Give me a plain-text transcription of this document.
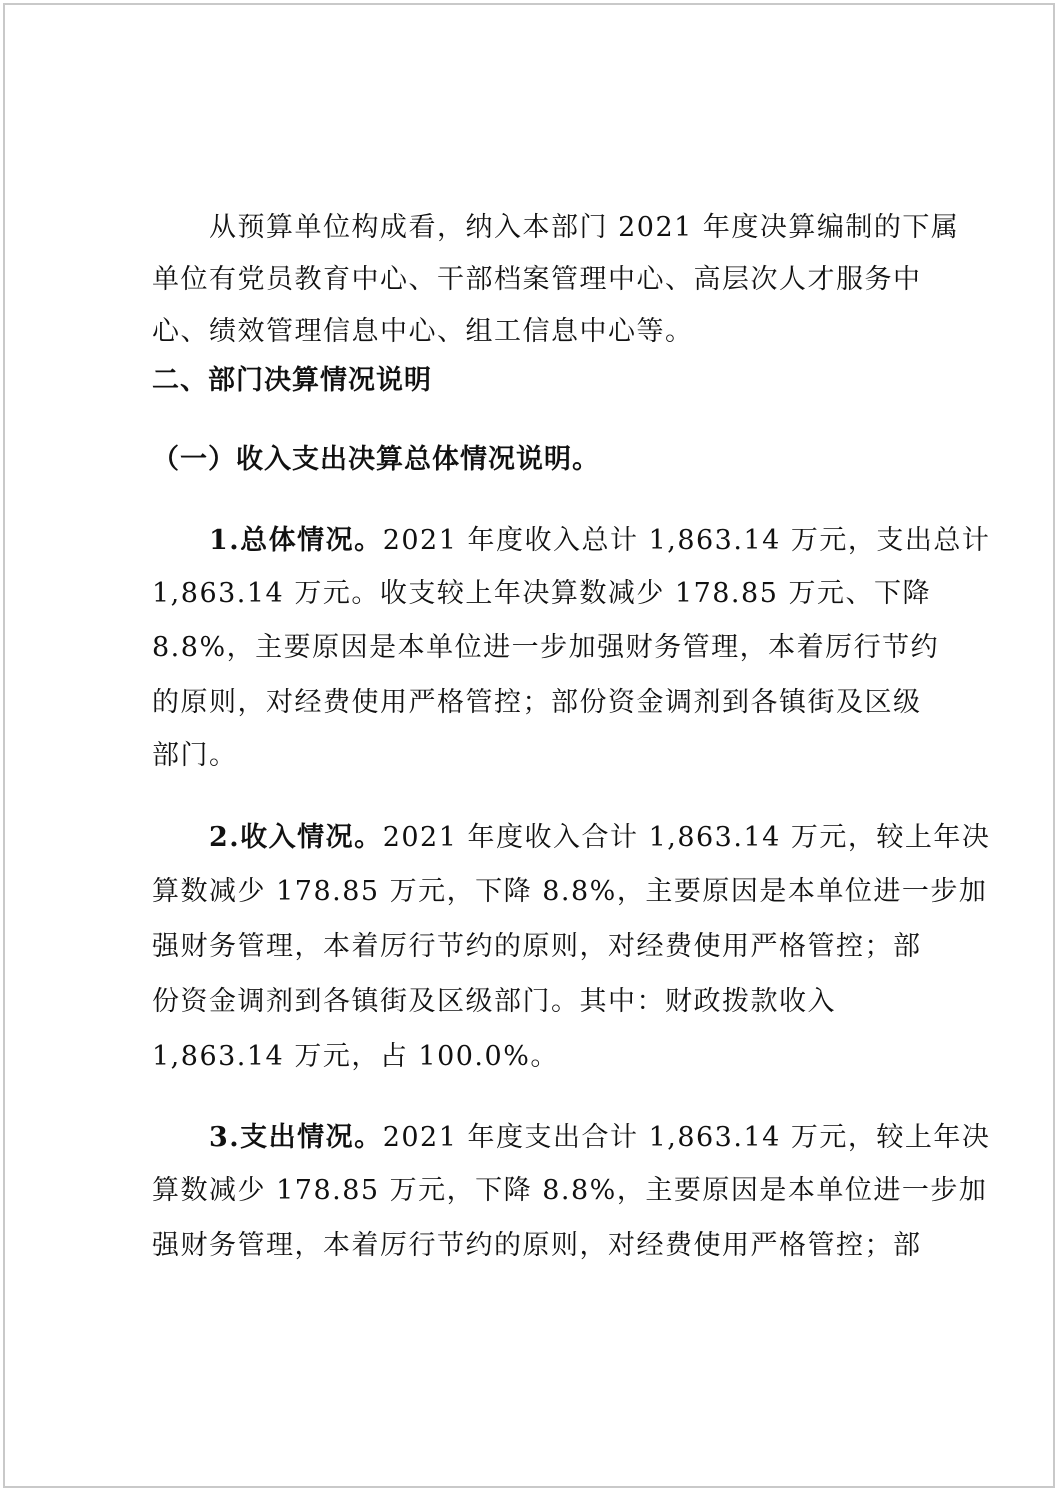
从预算单位构成看，纳入本部门 2021 年度决算编制的下属

单位有党员教育中心、干部档案管理中心、高层次人才服务中

心、绩效管理信息中心、组工信息中心等。

二、部门决算情况说明

（一）收入支出决算总体情况说明。

1.总体情况。2021 年度收入总计 1,863.14 万元，支出总计

1,863.14 万元。收支较上年决算数减少 178.85 万元、下降

8.8%，主要原因是本单位进一步加强财务管理，本着厉行节约

的原则，对经费使用严格管控；部份资金调剂到各镇街及区级

部门。

2.收入情况。2021 年度收入合计 1,863.14 万元，较上年决

算数减少 178.85 万元，下降 8.8%，主要原因是本单位进一步加

强财务管理，本着厉行节约的原则，对经费使用严格管控；部

份资金调剂到各镇街及区级部门。其中：财政拨款收入

1,863.14 万元，占 100.0%。

3.支出情况。2021 年度支出合计 1,863.14 万元，较上年决

算数减少 178.85 万元，下降 8.8%，主要原因是本单位进一步加

强财务管理，本着厉行节约的原则，对经费使用严格管控；部
